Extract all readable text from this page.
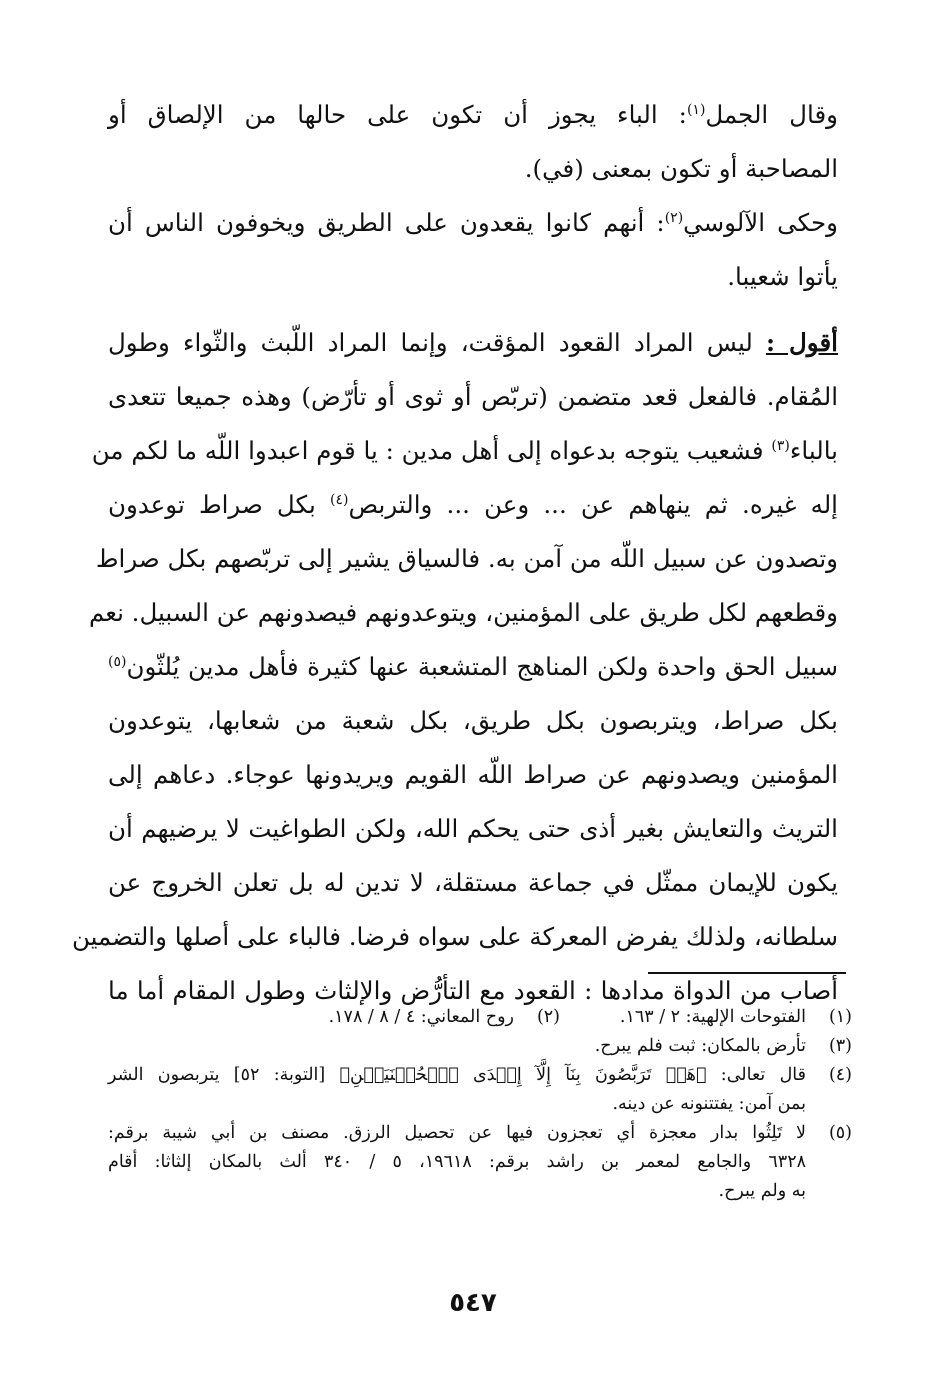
وقال الجمل$^{(١)}$: الباء يجوز أن تكون على حالها من الإلصاق أو
المصاحبة أو تكون بمعنى (في).
وحكى الآلوسي$^{(٢)}$: أنهم كانوا يقعدون على الطريق ويخوفون الناس أن
يأتوا شعيبا.
أقول : ليس المراد القعود المؤقت، وإنما المراد اللّبث والثّواء وطول
المُقام. فالفعل قعد متضمن (تربّص أو ثوى أو تأرّض) وهذه جميعا تتعدى
بالباء$^{(٣)}$ فشعيب يتوجه بدعواه إلى أهل مدين : يا قوم اعبدوا اللّه ما لكم من
إله غيره. ثم ينهاهم عن ... وعن ... والتربص$^{(٤)}$ بكل صراط توعدون
وتصدون عن سبيل اللّه من آمن به. فالسياق يشير إلى تربّصهم بكل صراط
وقطعهم لكل طريق على المؤمنين، ويتوعدونهم فيصدونهم عن السبيل. نعم
سبيل الحق واحدة ولكن المناهج المتشعبة عنها كثيرة فأهل مدين يُلثّون$^{(٥)}$
بكل صراط، ويتربصون بكل طريق، بكل شعبة من شعابها، يتوعدون
المؤمنين ويصدونهم عن صراط اللّه القويم ويريدونها عوجاء. دعاهم إلى
التريث والتعايش بغير أذى حتى يحكم الله، ولكن الطواغيت لا يرضيهم أن
يكون للإيمان ممثّل في جماعة مستقلة، لا تدين له بل تعلن الخروج عن
سلطانه، ولذلك يفرض المعركة على سواه فرضا. فالباء على أصلها والتضمين
أصاب من الدواة مدادها : القعود مع التأرُّض والإلثاث وطول المقام أما ما
(١)
الفتوحات الإلهية: ٢ / ١٦٣.
(٢)
روح المعاني: ٤ / ٨ / ١٧٨.
(٣)
تأرض بالمكان: ثبت فلم يبرح.
(٤)
قال تعالى: ﴿هَلۡ تَرَبَّصُونَ بِنَآ إِلَّآ إِحۡدَى ٱلۡحُسۡنَيَيۡنِ﴾ [التوبة: ٥٢] يتربصون الشر
بمن آمن: يفتتنونه عن دينه.
(٥)
لا تَلِثُوا بدار معجزة أي تعجزون فيها عن تحصيل الرزق. مصنف بن أبي شيبة برقم:
٦٣٢٨ والجامع لمعمر بن راشد برقم: ١٩٦١٨، ٥ / ٣٤٠ ألث بالمكان إلثاثا: أقام
به ولم يبرح.
٥٤٧
